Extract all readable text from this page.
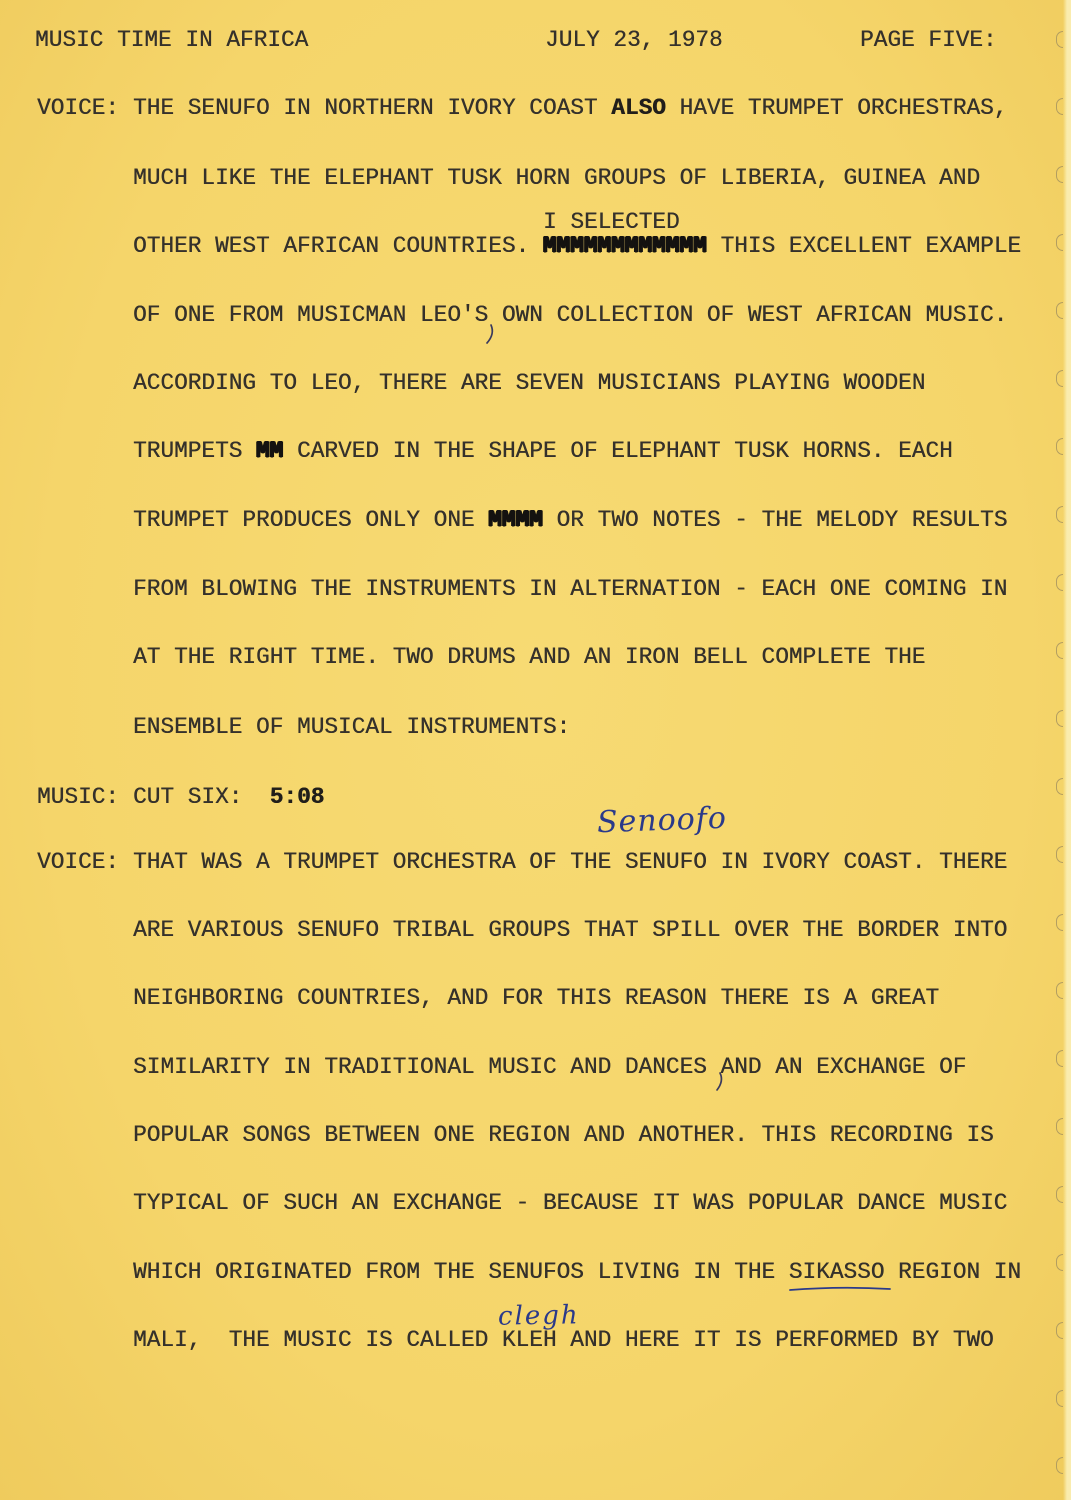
MUSIC TIME IN AFRICA	JULY 23, 1978	PAGE FIVE:
VOICE: THE SENUFO IN NORTHERN IVORY COAST ALSO HAVE TRUMPET ORCHESTRAS,
MUCH LIKE THE ELEPHANT TUSK HORN GROUPS OF LIBERIA, GUINEA AND
I SELECTED
OTHER WEST AFRICAN COUNTRIES. MMMMMMMMMMMM THIS EXCELLENT EXAMPLE
OF ONE FROM MUSICMAN LEO'S OWN COLLECTION OF WEST AFRICAN MUSIC.
ACCORDING TO LEO, THERE ARE SEVEN MUSICIANS PLAYING WOODEN
TRUMPETS MM CARVED IN THE SHAPE OF ELEPHANT TUSK HORNS. EACH
TRUMPET PRODUCES ONLY ONE MMMM OR TWO NOTES - THE MELODY RESULTS
FROM BLOWING THE INSTRUMENTS IN ALTERNATION - EACH ONE COMING IN
AT THE RIGHT TIME. TWO DRUMS AND AN IRON BELL COMPLETE THE
ENSEMBLE OF MUSICAL INSTRUMENTS:
MUSIC: CUT SIX: 5:08
VOICE: THAT WAS A TRUMPET ORCHESTRA OF THE SENUFO IN IVORY COAST. THERE
ARE VARIOUS SENUFO TRIBAL GROUPS THAT SPILL OVER THE BORDER INTO
NEIGHBORING COUNTRIES, AND FOR THIS REASON THERE IS A GREAT
SIMILARITY IN TRADITIONAL MUSIC AND DANCES AND AN EXCHANGE OF
POPULAR SONGS BETWEEN ONE REGION AND ANOTHER. THIS RECORDING IS
TYPICAL OF SUCH AN EXCHANGE - BECAUSE IT WAS POPULAR DANCE MUSIC
WHICH ORIGINATED FROM THE SENUFOS LIVING IN THE SIKASSO REGION IN
MALI,  THE MUSIC IS CALLED KLEH AND HERE IT IS PERFORMED BY TWO
Senoofo
clegh
